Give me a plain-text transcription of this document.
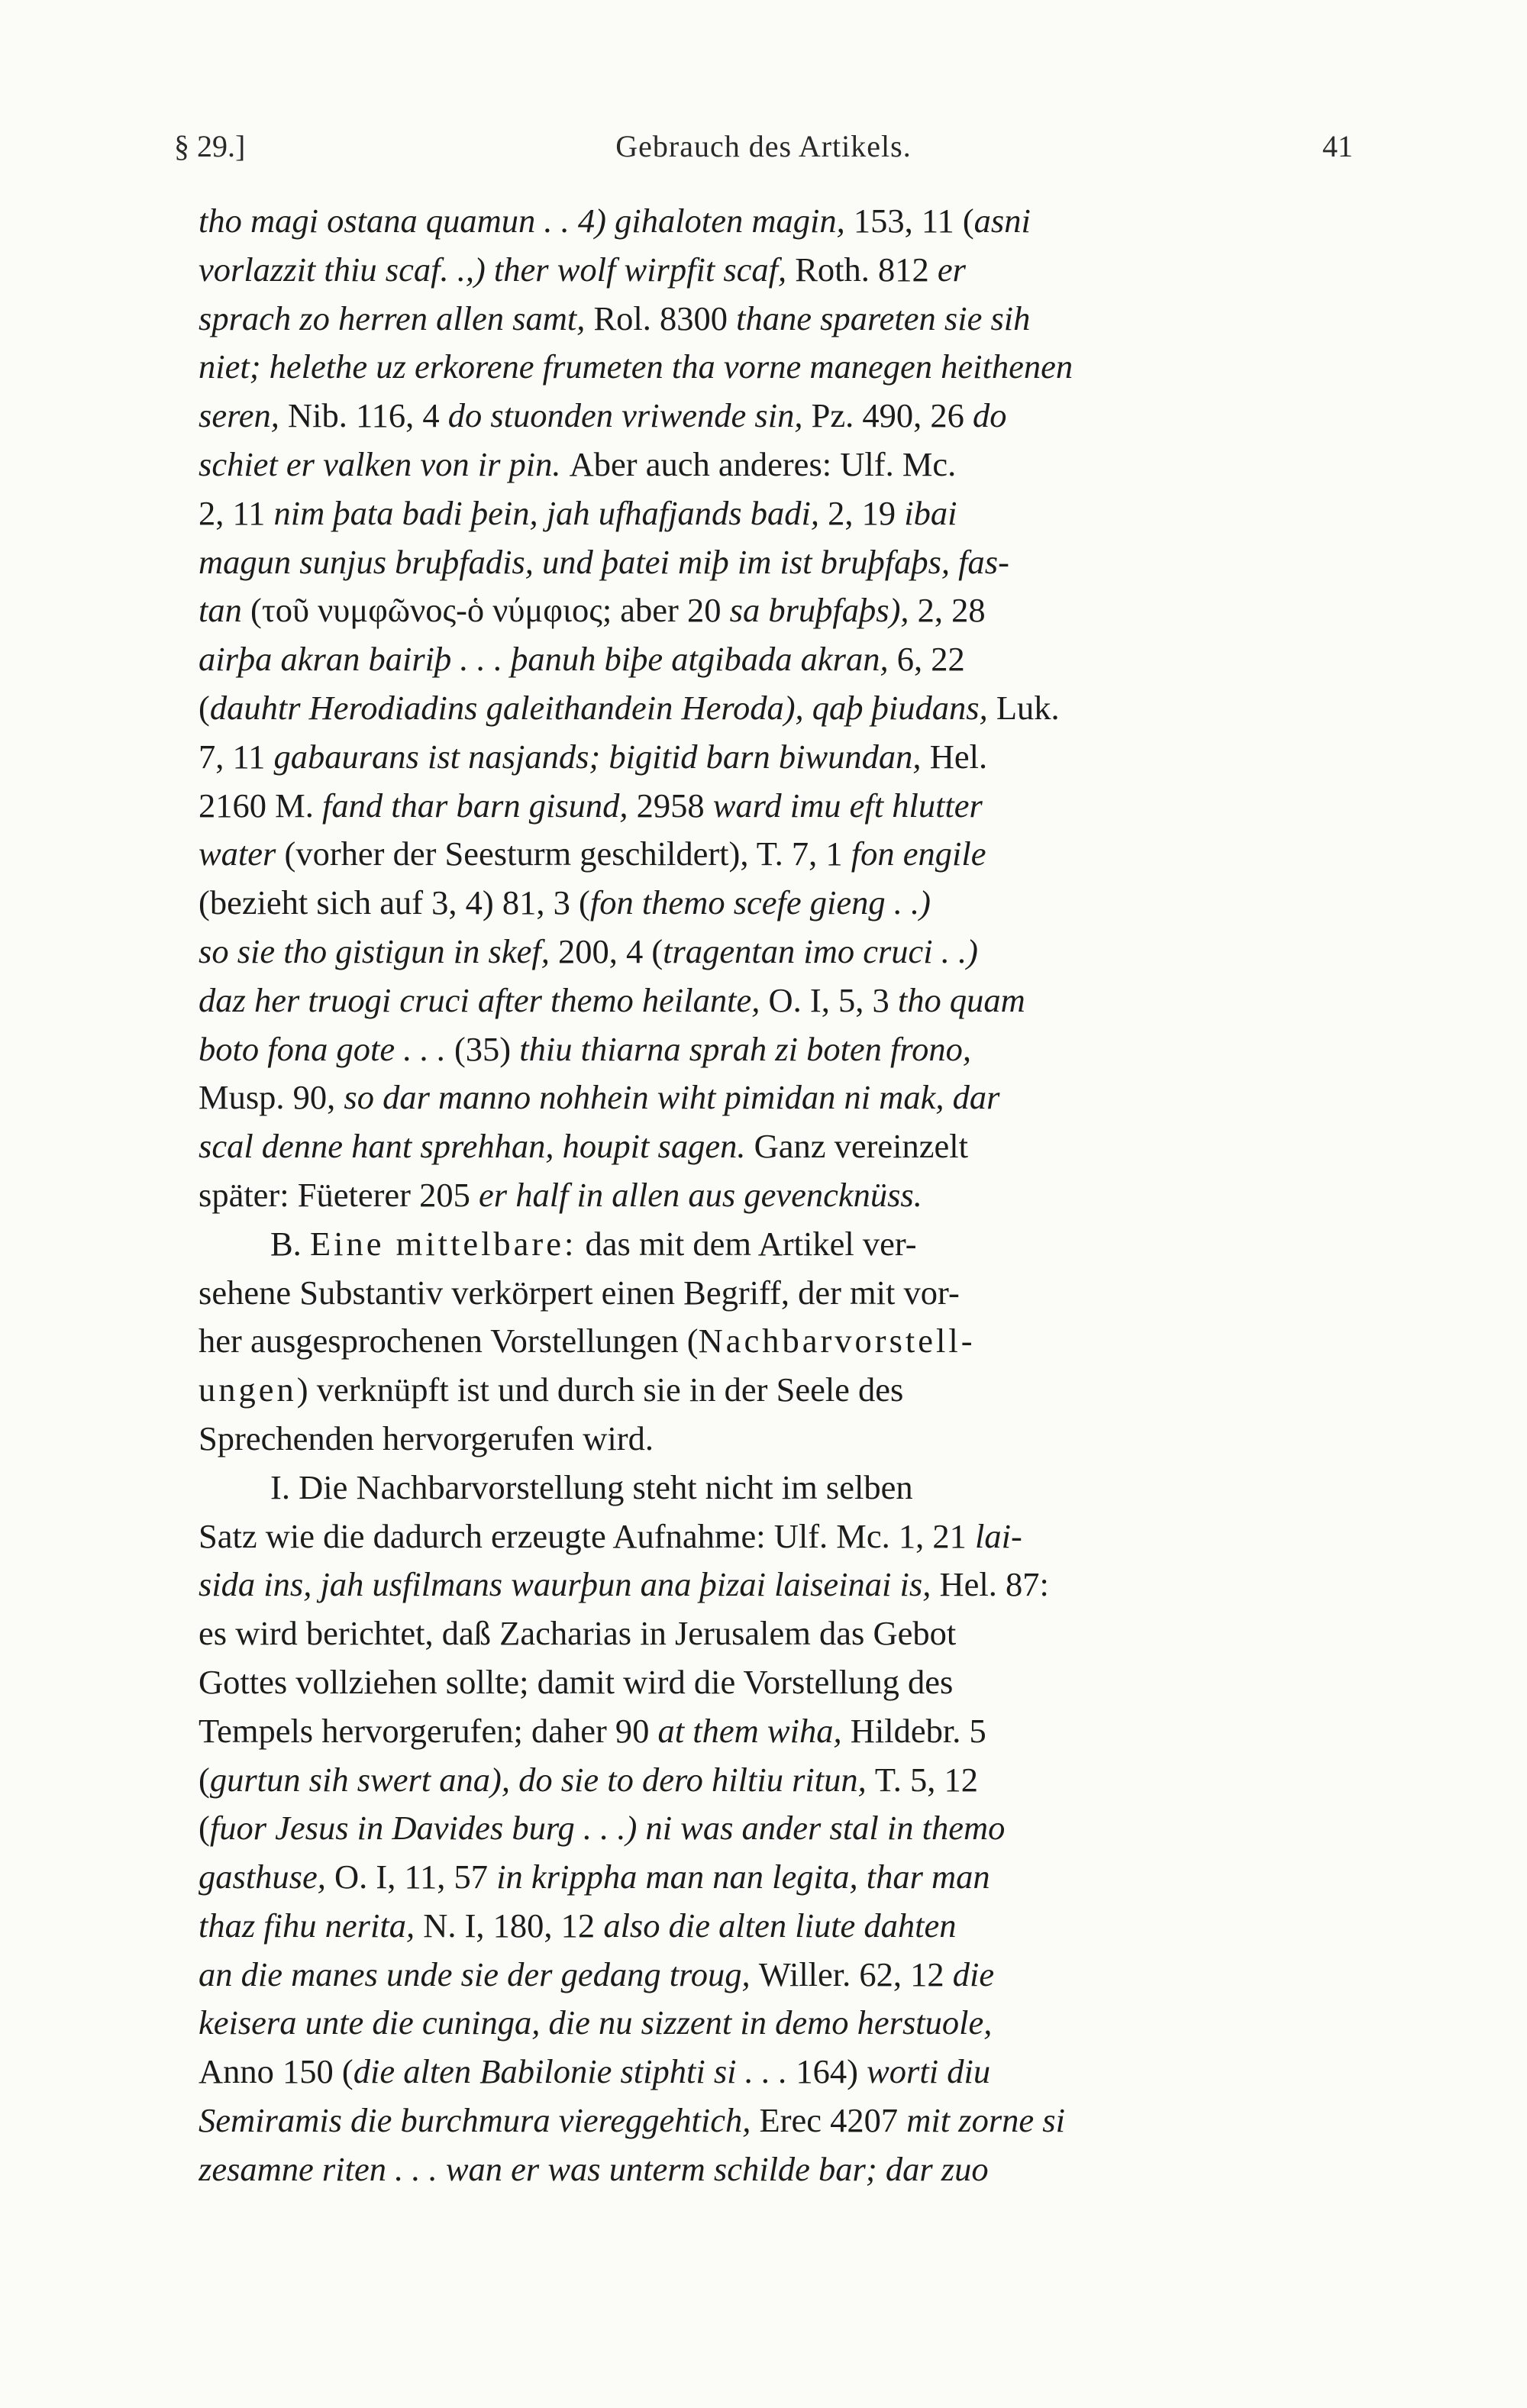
§ 29.]	Gebrauch des Artikels.	41
tho magi ostana quamun . . 4) gihaloten magin, 153, 11 (asni
vorlazzit thiu scaf. .,) ther wolf wirpfit scaf, Roth. 812 er
sprach zo herren allen samt, Rol. 8300 thane spareten sie sih
niet; helethe uz erkorene frumeten tha vorne manegen heithenen
seren, Nib. 116, 4 do stuonden vriwende sin, Pz. 490, 26 do
schiet er valken von ir pin. Aber auch anderes: Ulf. Mc.
2, 11 nim þata badi þein, jah ufhafjands badi, 2, 19 ibai
magun sunjus bruþfadis, und þatei miþ im ist bruþfaþs, fas-
tan (τοῦ νυμφῶνος-ὁ νύμφιος; aber 20 sa bruþfaþs), 2, 28
airþa akran bairiþ . . . þanuh biþe atgibada akran, 6, 22
(dauhtr Herodiadins galeithandein Heroda), qaþ þiudans, Luk.
7, 11 gabaurans ist nasjands; bigitid barn biwundan, Hel.
2160 M. fand thar barn gisund, 2958 ward imu eft hlutter
water (vorher der Seesturm geschildert), T. 7, 1 fon engile
(bezieht sich auf 3, 4) 81, 3 (fon themo scefe gieng . .)
so sie tho gistigun in skef, 200, 4 (tragentan imo cruci . .)
daz her truogi cruci after themo heilante, O. I, 5, 3 tho quam
boto fona gote . . . (35) thiu thiarna sprah zi boten frono,
Musp. 90, so dar manno nohhein wiht pimidan ni mak, dar
scal denne hant sprehhan, houpit sagen. Ganz vereinzelt
später: Füeterer 205 er half in allen aus gevencknüss.
B. Eine mittelbare: das mit dem Artikel ver-
sehene Substantiv verkörpert einen Begriff, der mit vor-
her ausgesprochenen Vorstellungen (Nachbarvorstell-
ungen) verknüpft ist und durch sie in der Seele des
Sprechenden hervorgerufen wird.
I. Die Nachbarvorstellung steht nicht im selben
Satz wie die dadurch erzeugte Aufnahme: Ulf. Mc. 1, 21 lai-
sida ins, jah usfilmans waurþun ana þizai laiseinai is, Hel. 87:
es wird berichtet, daß Zacharias in Jerusalem das Gebot
Gottes vollziehen sollte; damit wird die Vorstellung des
Tempels hervorgerufen; daher 90 at them wiha, Hildebr. 5
(gurtun sih swert ana), do sie to dero hiltiu ritun, T. 5, 12
(fuor Jesus in Davides burg . . .) ni was ander stal in themo
gasthuse, O. I, 11, 57 in krippha man nan legita, thar man
thaz fihu nerita, N. I, 180, 12 also die alten liute dahten
an die manes unde sie der gedang troug, Willer. 62, 12 die
keisera unte die cuninga, die nu sizzent in demo herstuole,
Anno 150 (die alten Babilonie stiphti si . . . 164) worti diu
Semiramis die burchmura viereggehtich, Erec 4207 mit zorne si
zesamne riten . . . wan er was unterm schilde bar; dar zuo
